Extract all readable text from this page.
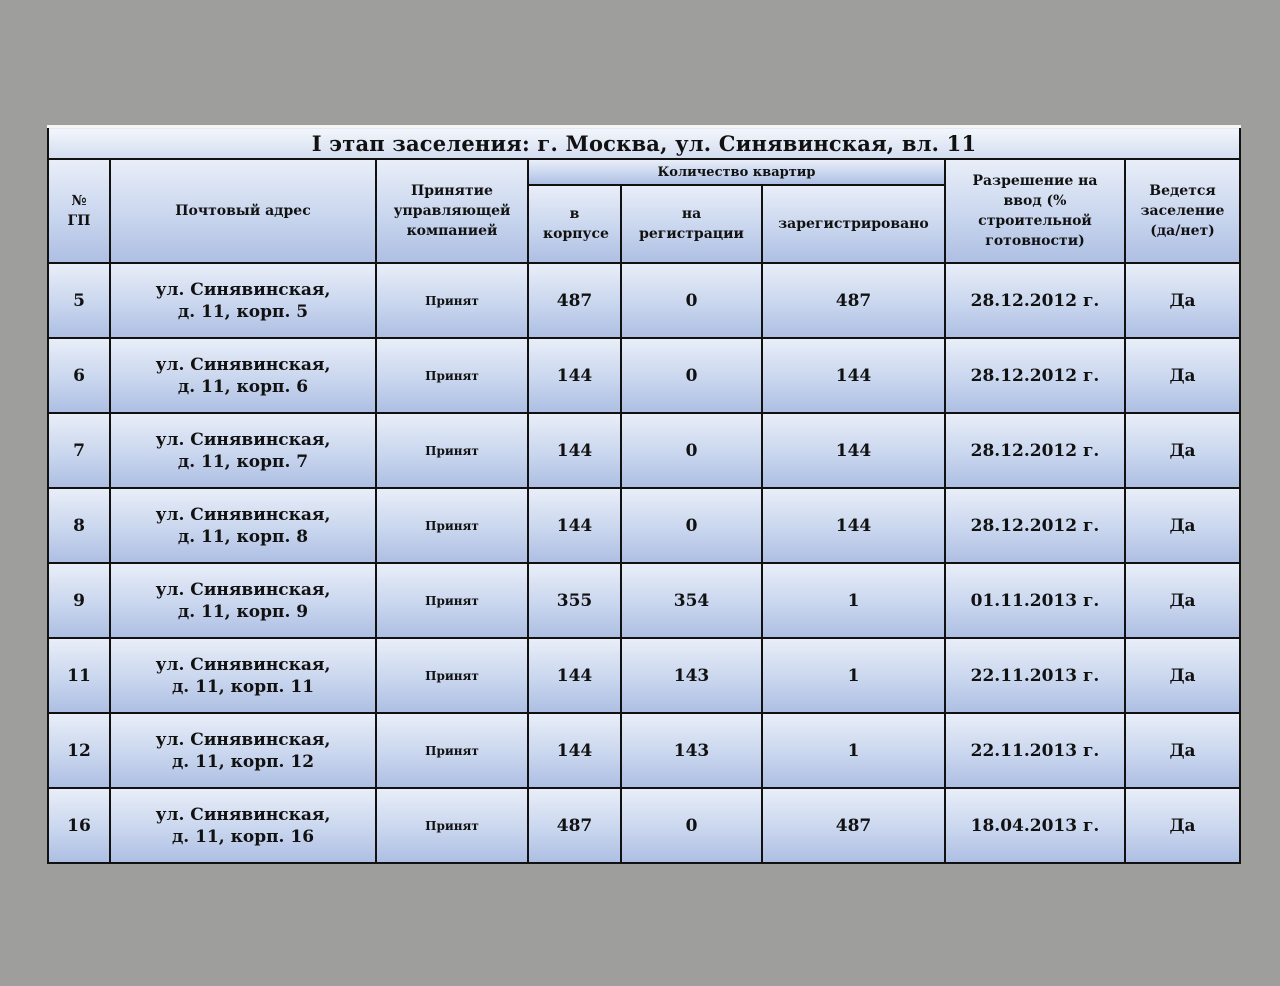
I этап заселения: г. Москва, ул. Синявинская, вл. 11							

№
ГП	Почтовый адрес	Принятие управляющей компанией	Количество квартир			Разрешение на ввод (% строительной готовности)	Ведется заселение (да/нет)
			в корпусе	на регистрации	зарегистрировано		
5	ул. Синявинская,
д. 11, корп. 5	Принят	487	0	487	28.12.2012 г.	Да
6	ул. Синявинская,
д. 11, корп. 6	Принят	144	0	144	28.12.2012 г.	Да
7	ул. Синявинская,
д. 11, корп. 7	Принят	144	0	144	28.12.2012 г.	Да
8	ул. Синявинская,
д. 11, корп. 8	Принят	144	0	144	28.12.2012 г.	Да
9	ул. Синявинская,
д. 11, корп. 9	Принят	355	354	1	01.11.2013 г.	Да
11	ул. Синявинская,
д. 11, корп. 11	Принят	144	143	1	22.11.2013 г.	Да
12	ул. Синявинская,
д. 11, корп. 12	Принят	144	143	1	22.11.2013 г.	Да
16	ул. Синявинская,
д. 11, корп. 16	Принят	487	0	487	18.04.2013 г.	Да
